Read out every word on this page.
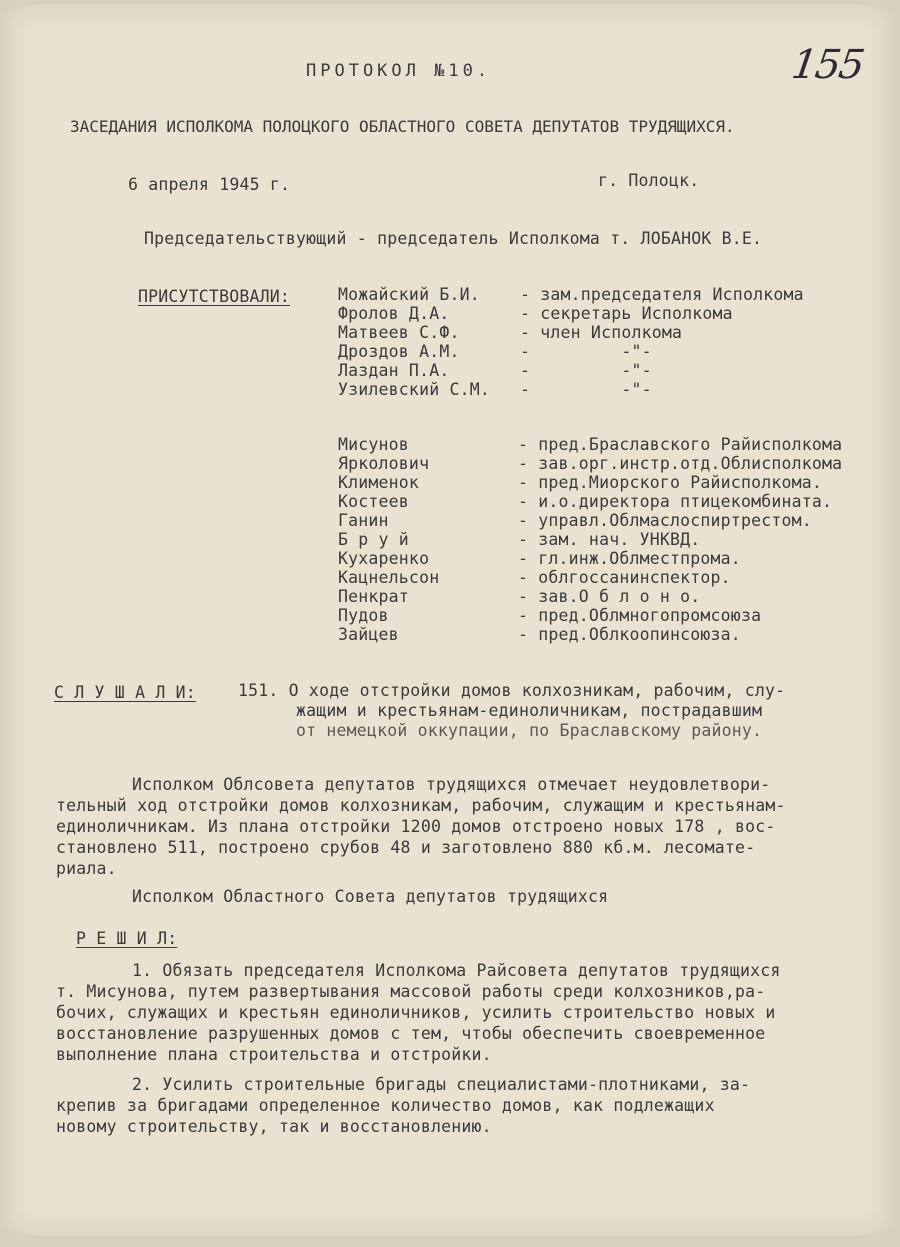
155
ПРОТОКОЛ №10.
ЗАСЕДАНИЯ ИСПОЛКОМА ПОЛОЦКОГО ОБЛАСТНОГО СОВЕТА ДЕПУТАТОВ ТРУДЯЩИХСЯ.
6 апреля 1945 г.	г. Полоцк.
Председательствующий - председатель Исполкома т. ЛОБАНОК В.Е.
ПРИСУТСТВОВАЛИ:	Можайский Б.И. - зам.председателя Исполкома
Фролов Д.А.	- секретарь Исполкома
Матвеев С.Ф.	- член Исполкома
Дроздов А.М.	-         -"-
Лаздан П.А.	-         -"-
Узилевский С.М. -         -"-
Мисунов	- пред.Браславского Райисполкома
Ярколович	- зав.орг.инстр.отд.Облисполкома
Клименок	- пред.Миорского Райисполкома.
Костеев	- и.о.директора птицекомбината.
Ганин	- управл.Облмаслоспиртрестом.
Б р у й	- зам. нач. УНКВД.
Кухаренко	- гл.инж.Облместпрома.
Кацнельсон	- облгоссанинспектор.
Пенкрат	- зав.О б л о н о.
Пудов	- пред.Облмногопромсоюза
Зайцев	- пред.Облкоопинсоюза.
С Л У Ш А Л И:	151. О ходе отстройки домов колхозникам, рабочим, слу-
жащим и крестьянам-единоличникам, пострадавшим
от немецкой оккупации, по Браславскому району.
Исполком Облсовета депутатов трудящихся отмечает неудовлетвори-
тельный ход отстройки домов колхозникам, рабочим, служащим и крестьянам-
единоличникам. Из плана отстройки 1200 домов отстроено новых 178 , вос-
становлено 511, построено срубов 48 и заготовлено 880 кб.м. лесомате-
риала.
Исполком Областного Совета депутатов трудящихся
Р Е Ш И Л:
1. Обязать председателя Исполкома Райсовета депутатов трудящихся
т. Мисунова, путем развертывания массовой работы среди колхозников,ра-
бочих, служащих и крестьян единоличников, усилить строительство новых и
восстановление разрушенных домов с тем, чтобы обеспечить своевременное
выполнение плана строительства и отстройки.
2. Усилить строительные бригады специалистами-плотниками, за-
крепив за бригадами определенное количество домов, как подлежащих
новому строительству, так и восстановлению.
